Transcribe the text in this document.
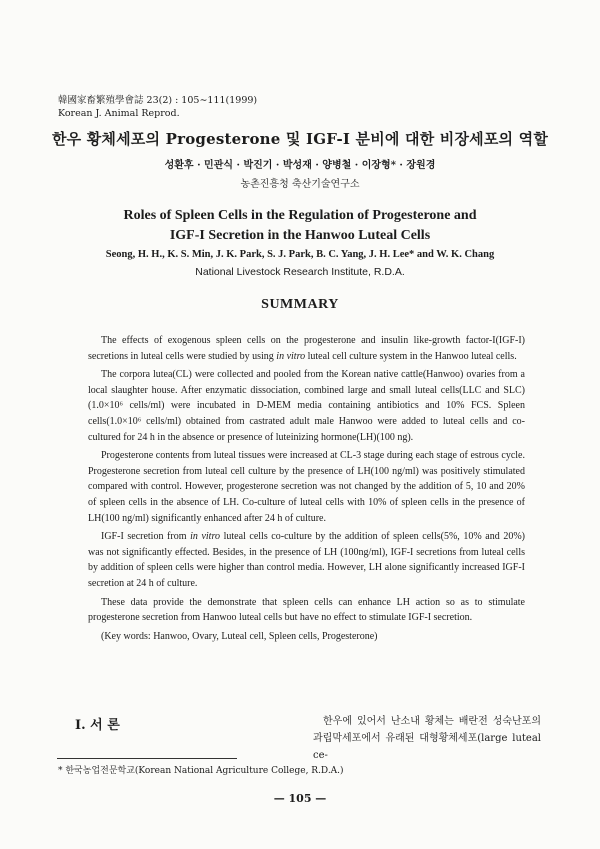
韓國家畜繁殖學會誌 23(2) : 105∼111(1999)
Korean J. Animal Reprod.
한우 황체세포의 Progesterone 및 IGF-I 분비에 대한 비장세포의 역할
성환후 · 민관식 · 박진기 · 박성재 · 양병철 · 이장형* · 장원경
농촌진흥청 축산기술연구소
Roles of Spleen Cells in the Regulation of Progesterone and
IGF-I Secretion in the Hanwoo Luteal Cells
Seong, H. H., K. S. Min, J. K. Park, S. J. Park, B. C. Yang, J. H. Lee* and W. K. Chang
National Livestock Research Institute, R.D.A.
SUMMARY

The effects of exogenous spleen cells on the progesterone and insulin like-growth factor-I(IGF-I) secretions in luteal cells were studied by using in vitro luteal cell culture system in the Hanwoo luteal cells.

The corpora lutea(CL) were collected and pooled from the Korean native cattle(Hanwoo) ovaries from a local slaughter house. After enzymatic dissociation, combined large and small luteal cells(LLC and SLC)(1.0×10⁶ cells/ml) were incubated in D-MEM media containing antibiotics and 10% FCS. Spleen cells(1.0×10⁶ cells/ml) obtained from castrated adult male Hanwoo were added to luteal cells and co-cultured for 24 h in the absence or presence of luteinizing hormone(LH)(100 ng).

Progesterone contents from luteal tissues were increased at CL-3 stage during each stage of estrous cycle. Progesterone secretion from luteal cell culture by the presence of LH(100 ng/ml) was positively stimulated compared with control. However, progesterone secretion was not changed by the addition of 5, 10 and 20% of spleen cells in the absence of LH. Co-culture of luteal cells with 10% of spleen cells in the presence of LH(100 ng/ml) significantly enhanced after 24 h of culture.

IGF-I secretion from in vitro luteal cells co-culture by the addition of spleen cells(5%, 10% and 20%) was not significantly effected. Besides, in the presence of LH (100ng/ml), IGF-I secretions from luteal cells by addition of spleen cells were higher than control media. However, LH alone significantly increased IGF-I secretion at 24 h of culture.

These data provide the demonstrate that spleen cells can enhance LH action so as to stimulate progesterone secretion from Hanwoo luteal cells but have no effect to stimulate IGF-I secretion.

(Key words: Hanwoo, Ovary, Luteal cell, Spleen cells, Progesterone)

I. 서 론	한우에 있어서 난소내 황체는 배란전 성숙난포의 과립막세포에서 유래된 대형황체세포(large luteal ce-

* 한국농업전문학교(Korean National Agriculture College, R.D.A.)
— 105 —
